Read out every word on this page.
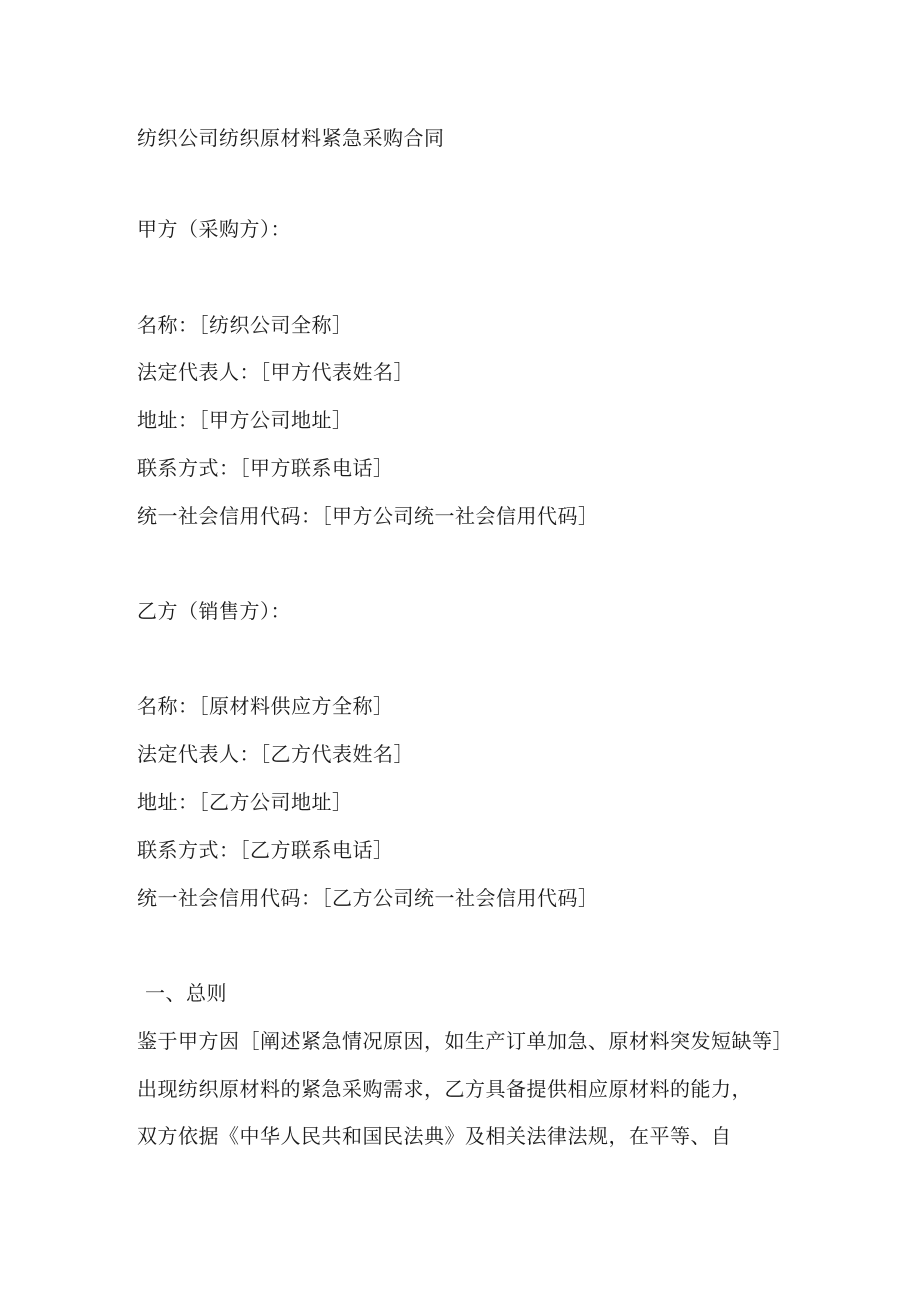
纺织公司纺织原材料紧急采购合同
甲方（采购方）：
名称：［纺织公司全称］
法定代表人：［甲方代表姓名］
地址：［甲方公司地址］
联系方式：［甲方联系电话］
统一社会信用代码：［甲方公司统一社会信用代码］
乙方（销售方）：
名称：［原材料供应方全称］
法定代表人：［乙方代表姓名］
地址：［乙方公司地址］
联系方式：［乙方联系电话］
统一社会信用代码：［乙方公司统一社会信用代码］
一、总则
鉴于甲方因［阐述紧急情况原因，如生产订单加急、原材料突发短缺等］
出现纺织原材料的紧急采购需求，乙方具备提供相应原材料的能力，
双方依据《中华人民共和国民法典》及相关法律法规，在平等、自
